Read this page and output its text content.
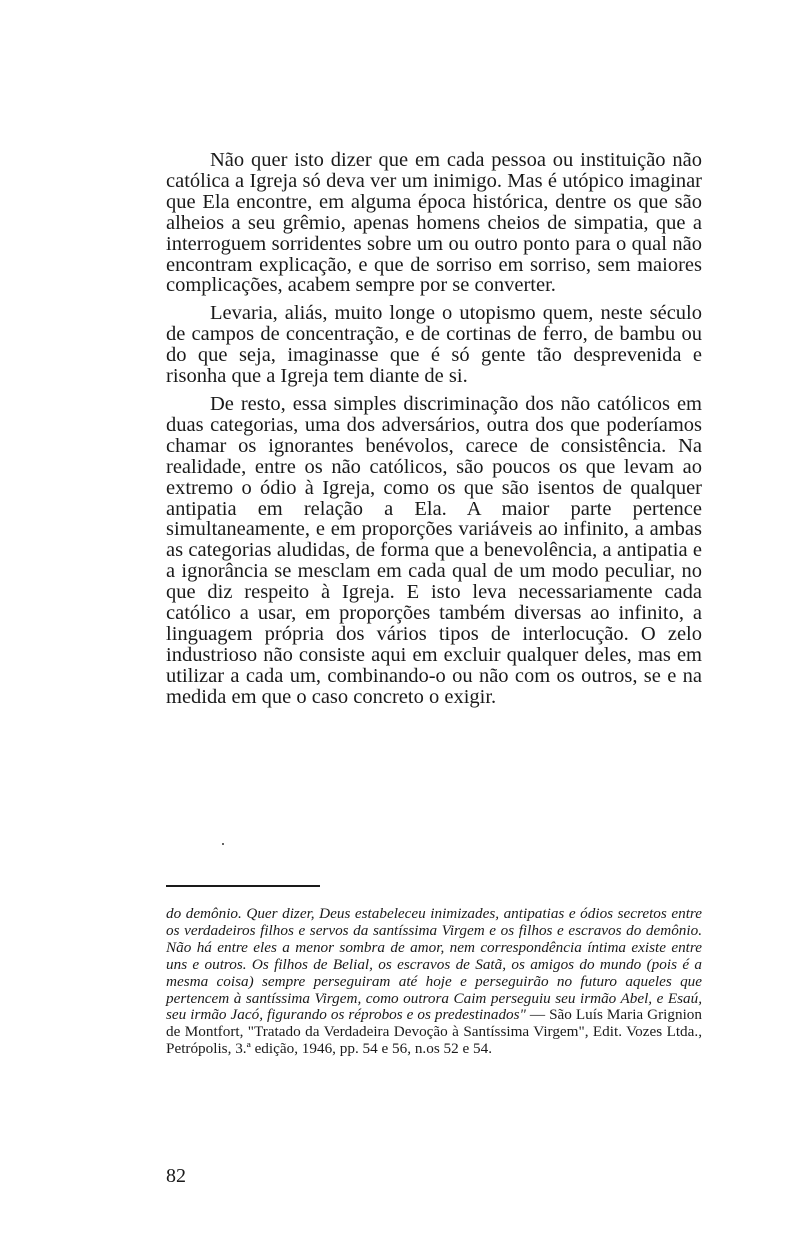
Não quer isto dizer que em cada pessoa ou instituição não católica a Igreja só deva ver um inimigo. Mas é utópico imaginar que Ela encontre, em alguma época histórica, dentre os que são alheios a seu grêmio, apenas homens cheios de simpatia, que a interroguem sorridentes sobre um ou outro ponto para o qual não encontram explicação, e que de sorriso em sorriso, sem maiores complicações, acabem sempre por se converter.

Levaria, aliás, muito longe o utopismo quem, neste século de campos de concentração, e de cortinas de ferro, de bambu ou do que seja, imaginasse que é só gente tão desprevenida e risonha que a Igreja tem diante de si.

De resto, essa simples discriminação dos não católicos em duas categorias, uma dos adversários, outra dos que poderíamos chamar os ignorantes benévolos, carece de consistência. Na realidade, entre os não católicos, são poucos os que levam ao extremo o ódio à Igreja, como os que são isentos de qualquer antipatia em relação a Ela. A maior parte pertence simultaneamente, e em proporções variáveis ao infinito, a ambas as categorias aludidas, de forma que a benevolência, a antipatia e a ignorância se mesclam em cada qual de um modo peculiar, no que diz respeito à Igreja. E isto leva necessariamente cada católico a usar, em proporções também diversas ao infinito, a linguagem própria dos vários tipos de interlocução. O zelo industrioso não consiste aqui em excluir qualquer deles, mas em utilizar a cada um, combinando-o ou não com os outros, se e na medida em que o caso concreto o exigir.

do demônio. Quer dizer, Deus estabeleceu inimizades, antipatias e ódios secretos entre os verdadeiros filhos e servos da santíssima Virgem e os filhos e escravos do demônio. Não há entre eles a menor sombra de amor, nem correspondência íntima existe entre uns e outros. Os filhos de Belial, os escravos de Satã, os amigos do mundo (pois é a mesma coisa) sempre perseguiram até hoje e perseguirão no futuro aqueles que pertencem à santíssima Virgem, como outrora Caim perseguiu seu irmão Abel, e Esaú, seu irmão Jacó, figurando os réprobos e os predestinados" — São Luís Maria Grignion de Montfort, "Tratado da Verdadeira Devoção à Santíssima Virgem", Edit. Vozes Ltda., Petrópolis, 3.ª edição, 1946, pp. 54 e 56, n.os 52 e 54.
82
